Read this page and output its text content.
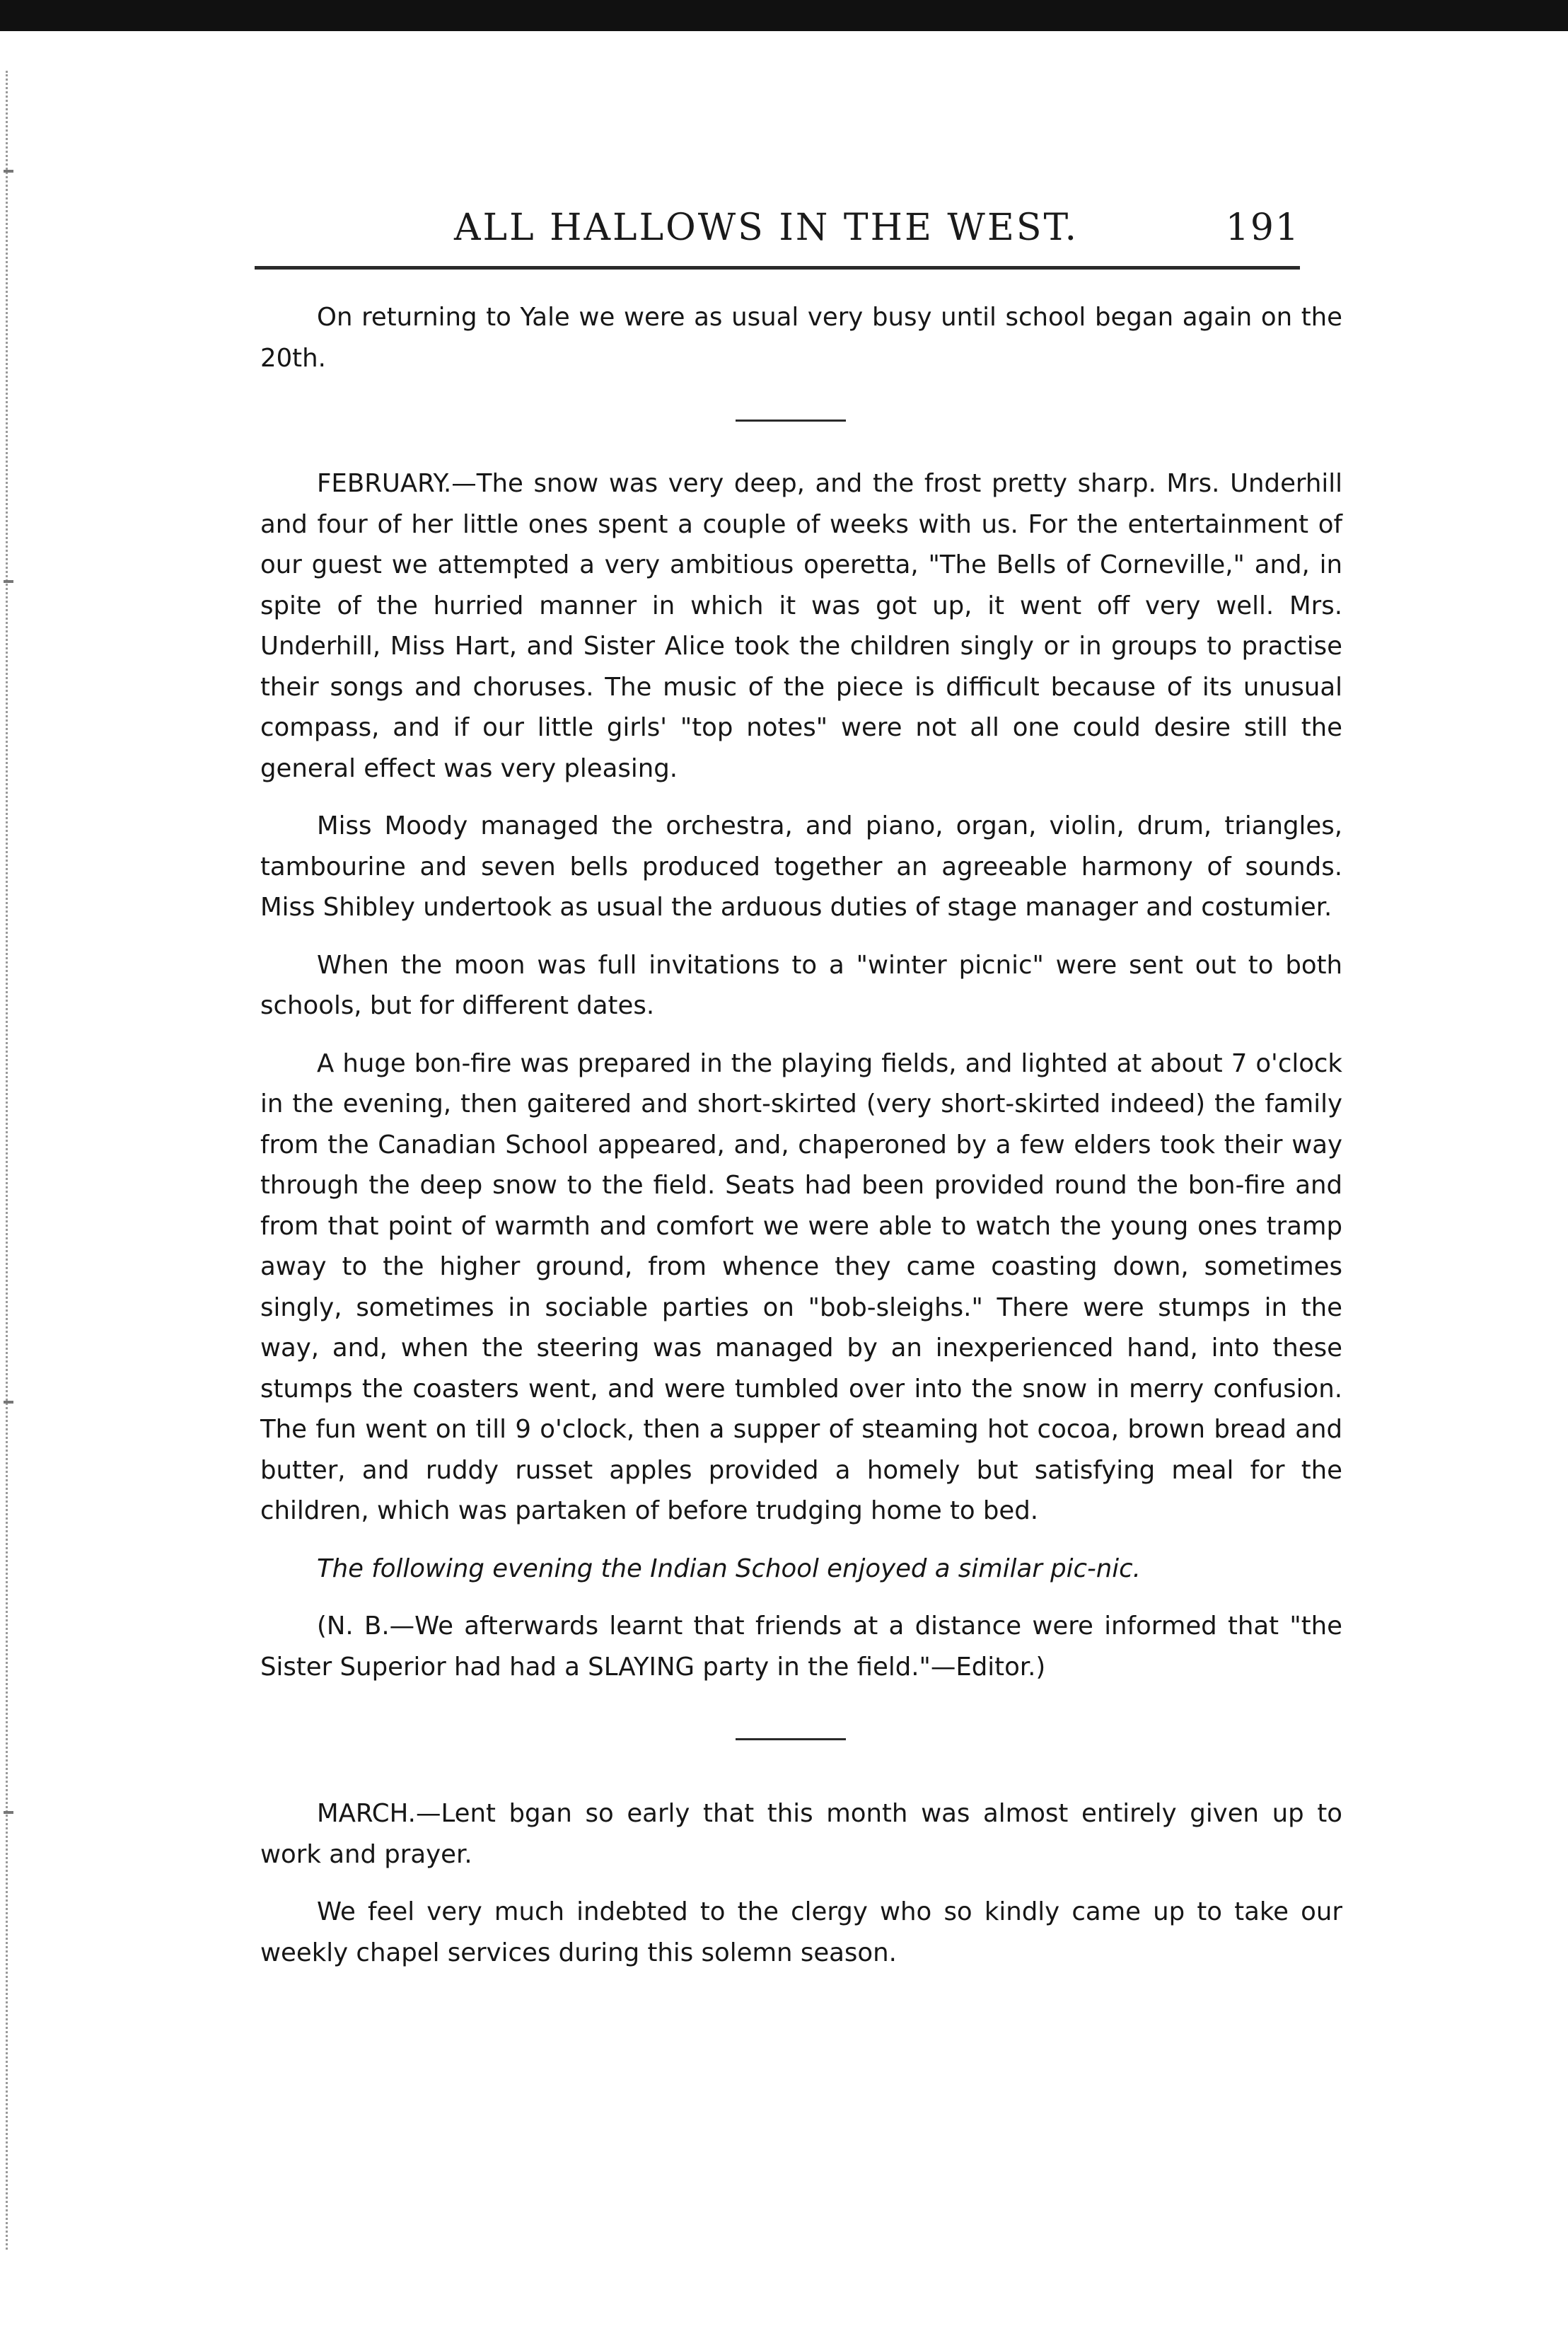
ALL HALLOWS IN THE WEST.	191

On returning to Yale we were as usual very busy until school began again on the 20th.

FEBRUARY.—The snow was very deep, and the frost pretty sharp. Mrs. Underhill and four of her little ones spent a couple of weeks with us. For the entertainment of our guest we attempted a very ambitious operetta, "The Bells of Corneville," and, in spite of the hurried manner in which it was got up, it went off very well. Mrs. Underhill, Miss Hart, and Sister Alice took the children singly or in groups to practise their songs and choruses. The music of the piece is difficult because of its unusual compass, and if our little girls' "top notes" were not all one could desire still the general effect was very pleasing.

Miss Moody managed the orchestra, and piano, organ, violin, drum, triangles, tambourine and seven bells produced together an agreeable harmony of sounds. Miss Shibley undertook as usual the arduous duties of stage manager and costumier.

When the moon was full invitations to a "winter picnic" were sent out to both schools, but for different dates.

A huge bon-fire was prepared in the playing fields, and lighted at about 7 o'clock in the evening, then gaitered and short-skirted (very short-skirted indeed) the family from the Canadian School appeared, and, chaperoned by a few elders took their way through the deep snow to the field. Seats had been provided round the bon-fire and from that point of warmth and comfort we were able to watch the young ones tramp away to the higher ground, from whence they came coasting down, sometimes singly, sometimes in sociable parties on "bob-sleighs." There were stumps in the way, and, when the steering was managed by an inexperienced hand, into these stumps the coasters went, and were tumbled over into the snow in merry confusion. The fun went on till 9 o'clock, then a supper of steaming hot cocoa, brown bread and butter, and ruddy russet apples provided a homely but satisfying meal for the children, which was partaken of before trudging home to bed.

The following evening the Indian School enjoyed a similar pic-nic.

(N. B.—We afterwards learnt that friends at a distance were informed that "the Sister Superior had had a SLAYING party in the field."—Editor.)

MARCH.—Lent bgan so early that this month was almost entirely given up to work and prayer.

We feel very much indebted to the clergy who so kindly came up to take our weekly chapel services during this solemn season.
